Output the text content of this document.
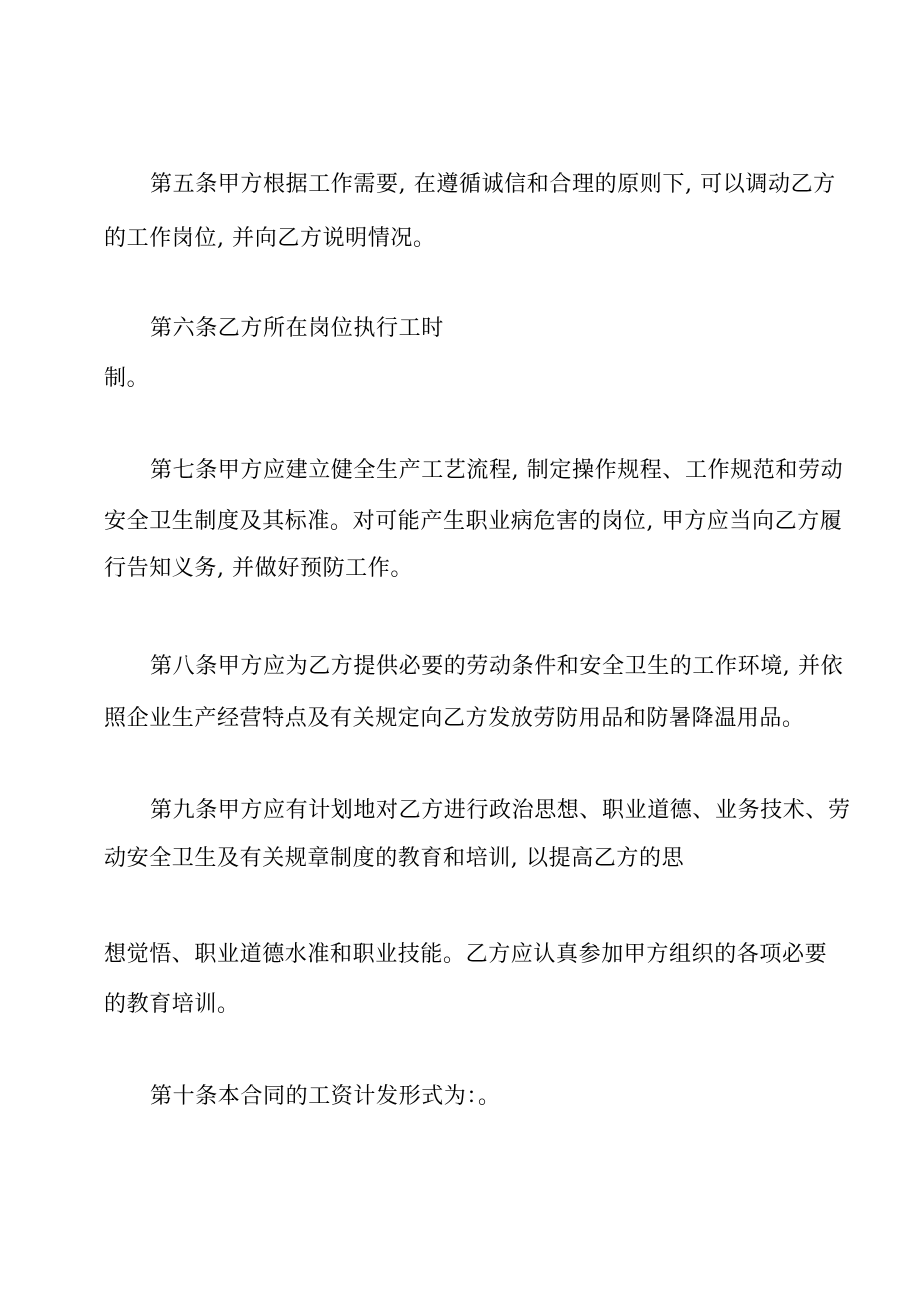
第五条甲方根据工作需要, 在遵循诚信和合理的原则下, 可以调动乙方
的工作岗位, 并向乙方说明情况。
第六条乙方所在岗位执行工时
制。
第七条甲方应建立健全生产工艺流程, 制定操作规程、工作规范和劳动
安全卫生制度及其标准。对可能产生职业病危害的岗位, 甲方应当向乙方履
行告知义务, 并做好预防工作。
第八条甲方应为乙方提供必要的劳动条件和安全卫生的工作环境, 并依
照企业生产经营特点及有关规定向乙方发放劳防用品和防暑降温用品。
第九条甲方应有计划地对乙方进行政治思想、职业道德、业务技术、劳
动安全卫生及有关规章制度的教育和培训, 以提高乙方的思
想觉悟、职业道德水准和职业技能。乙方应认真参加甲方组织的各项必要
的教育培训。
第十条本合同的工资计发形式为：。
